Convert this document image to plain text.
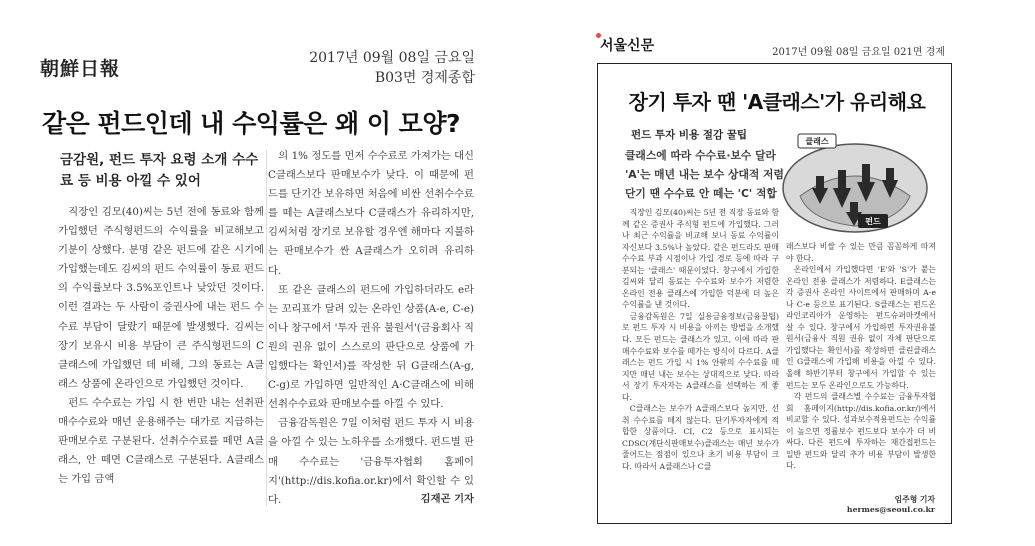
朝鮮日報	2017년 09월 08일 금요일
B03면 경제종합
같은 펀드인데 내 수익률은 왜 이 모양?
금감원, 펀드 투자 요령 소개 수수료 등 비용 아낄 수 있어

직장인 김모(40)씨는 5년 전에 동료와 함께 가입했던 주식형펀드의 수익률을 비교해보고 기분이 상했다. 분명 같은 펀드에 같은 시기에 가입했는데도 김씨의 펀드 수익률이 동료 펀드의 수익률보다 3.5%포인트나 낮았던 것이다. 이런 결과는 두 사람이 증권사에 내는 펀드 수수료 부담이 달랐기 때문에 발생했다. 김씨는 장기 보유시 비용 부담이 큰 주식형펀드의 C클래스에 가입했던 데 비해, 그의 동료는 A클래스 상품에 온라인으로 가입했던 것이다.

펀드 수수료는 가입 시 한 번만 내는 선취판매수수료와 매년 운용해주는 대가로 지급하는 판매보수로 구분된다. 선취수수료를 떼면 A클래스, 안 떼면 C클래스로 구분된다. A클래스는 가입 금액

의 1% 정도를 먼저 수수료로 가져가는 대신 C클래스보다 판매보수가 낮다. 이 때문에 펀드를 단기간 보유하면 처음에 비싼 선취수수료를 떼는 A클래스보다 C클래스가 유리하지만, 김씨처럼 장기로 보유할 경우엔 해마다 지불하는 판매보수가 싼 A클래스가 오히려 유리하다.

또 같은 클래스의 펀드에 가입하더라도 e라는 꼬리표가 달려 있는 온라인 상품(A-e, C-e)이나 창구에서 '투자 권유 불원서'(금융회사 직원의 권유 없이 스스로의 판단으로 상품에 가입했다는 확인서)를 작성한 뒤 G클래스(A-g, C-g)로 가입하면 일반적인 A·C클래스에 비해 선취수수료와 판매보수를 아낄 수 있다.

금융감독원은 7일 이처럼 펀드 투자 시 비용을 아낄 수 있는 노하우를 소개했다. 펀드별 판매 수수료는 '금융투자협회 홈페이지'(http://dis.kofia.or.kr)에서 확인할 수 있다.	김재곤 기자
서울신문	2017년 09월 08일 금요일 021면 경제
장기 투자 땐 'A클래스'가 유리해요
펀드 투자 비용 절감 꿀팁
클래스에 따라 수수료·보수 달라
'A'는 매년 내는 보수 상대적 저렴
단기 땐 수수료 안 떼는 'C' 적합
클래스
펀드

직장인 김모(40)씨는 5년 전 직장 동료와 함께 같은 증권사 주식형 펀드에 가입했다. 그러나 최근 수익률을 비교해 보니 동료 수익률이 자신보다 3.5%나 높았다. 같은 펀드라도 판매수수료 부과 시점이나 가입 경로 등에 따라 구분되는 '클래스' 때문이었다. 창구에서 가입한 김씨와 달리 동료는 수수료와 보수가 저렴한 온라인 전용 클래스에 가입한 덕분에 더 높은 수익률을 낸 것이다.

금융감독원은 7일 실용금융정보(금융꿀팁)로 펀드 투자 시 비용을 아끼는 방법을 소개했다. 모든 펀드는 클래스가 있고, 이에 따라 판매수수료와 보수를 떼가는 방식이 다르다. A클래스는 펀드 가입 시 1% 안팎의 수수료를 떼지만 매년 내는 보수는 상대적으로 낮다. 따라서 장기 투자자는 A클래스를 선택하는 게 좋다.

C클래스는 보수가 A클래스보다 높지만, 선취 수수료를 떼지 않는다. 단기투자자에게 적합한 상품이다. CI, C2 등으로 표시되는 CDSC(계단식판매보수)클래스는 매년 보수가 줄어드는 점점이 있으나 초기 비용 부담이 크다. 따라서 A클래스나 C클

래스보다 비쌀 수 있는 만큼 꼼꼼하게 따져야 한다.

온라인에서 가입했다면 'E'와 'S'가 붙는 온라인 전용 클래스가 저렴하다. E클래스는 각 증권사 온라인 사이트에서 판매하며 A-e나 C-e 등으로 표기된다. S클래스는 펀드온라인코리아가 운영하는 펀드슈퍼마켓에서 살 수 있다. 창구에서 가입하면 투자권유불원서(금융사 직원 권유 없이 자체 판단으로 가입했다는 확인서)를 작성하면 클린클래스인 G클래스에 가입해 비용을 아낄 수 있다. 올해 하반기부터 창구에서 가입할 수 있는 펀드는 모두 온라인으로도 가능하다.

각 펀드의 클래스별 수수료는 금융투자협회 홈페이지(http://dis.kofia.or.kr/)에서 비교할 수 있다. 성과보수적용펀드는 수익률이 높으면 정률보수 펀드보다 보수가 더 비싸다. 다른 펀드에 투자하는 재간접펀드는 일반 펀드와 달리 추가 비용 부담이 발생한다.

임주형 기자 hermes@seoul.co.kr
